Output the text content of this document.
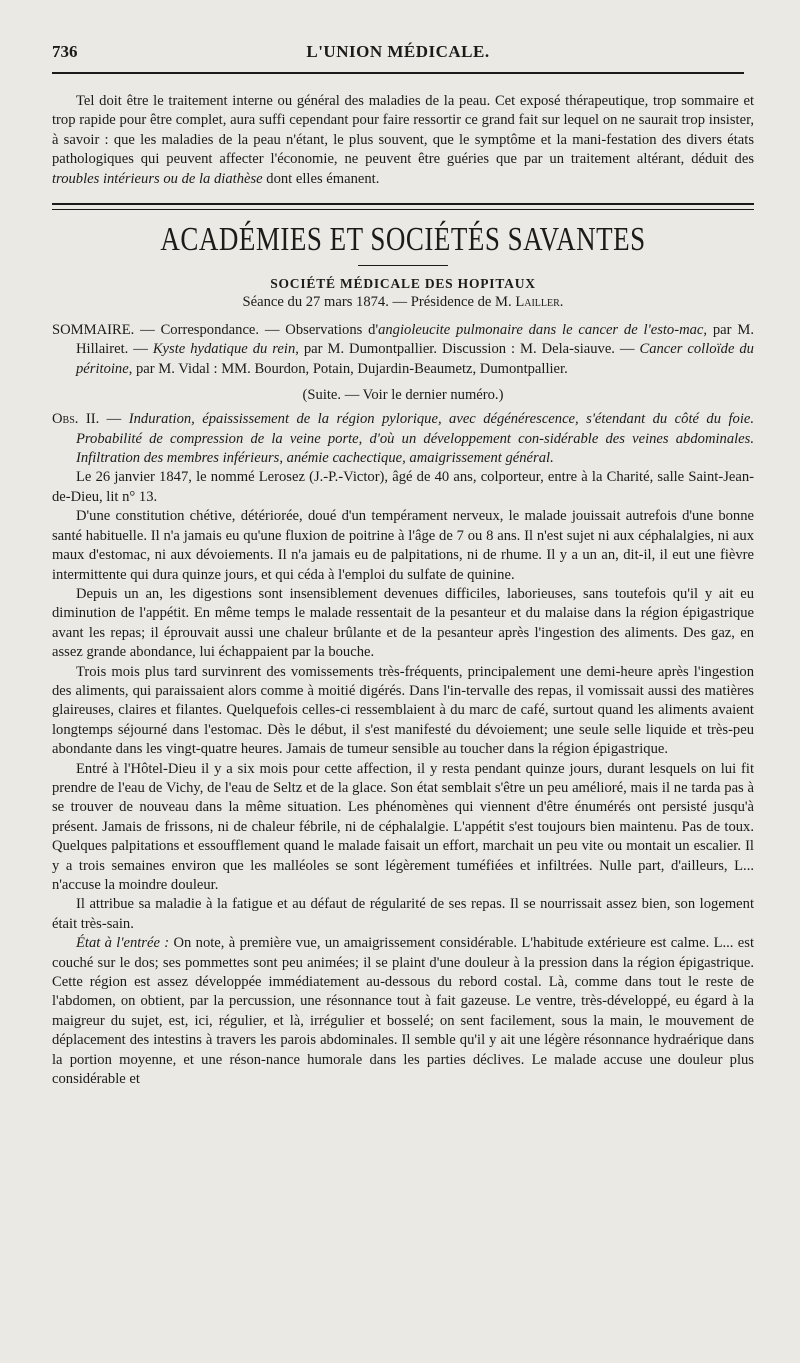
736	L'UNION MÉDICALE.

Tel doit être le traitement interne ou général des maladies de la peau. Cet exposé thérapeutique, trop sommaire et trop rapide pour être complet, aura suffi cependant pour faire ressortir ce grand fait sur lequel on ne saurait trop insister, à savoir : que les maladies de la peau n'étant, le plus souvent, que le symptôme et la mani-festation des divers états pathologiques qui peuvent affecter l'économie, ne peuvent être guéries que par un traitement altérant, déduit des troubles intérieurs ou de la diathèse dont elles émanent.

ACADÉMIES ET SOCIÉTÉS SAVANTES

SOCIÉTÉ MÉDICALE DES HOPITAUX

Séance du 27 mars 1874. — Présidence de M. Lailler.

SOMMAIRE. — Correspondance. — Observations d'angioleucite pulmonaire dans le cancer de l'esto-mac, par M. Hillairet. — Kyste hydatique du rein, par M. Dumontpallier. Discussion : M. Dela-siauve. — Cancer colloïde du péritoine, par M. Vidal : MM. Bourdon, Potain, Dujardin-Beaumetz, Dumontpallier.

(Suite. — Voir le dernier numéro.)

Obs. II. — Induration, épaississement de la région pylorique, avec dégénérescence, s'étendant du côté du foie. Probabilité de compression de la veine porte, d'où un développement con-sidérable des veines abdominales. Infiltration des membres inférieurs, anémie cachectique, amaigrissement général.

Le 26 janvier 1847, le nommé Lerosez (J.-P.-Victor), âgé de 40 ans, colporteur, entre à la Charité, salle Saint-Jean-de-Dieu, lit n° 13.

D'une constitution chétive, détériorée, doué d'un tempérament nerveux, le malade jouissait autrefois d'une bonne santé habituelle. Il n'a jamais eu qu'une fluxion de poitrine à l'âge de 7 ou 8 ans. Il n'est sujet ni aux céphalalgies, ni aux maux d'estomac, ni aux dévoiements. Il n'a jamais eu de palpitations, ni de rhume. Il y a un an, dit-il, il eut une fièvre intermittente qui dura quinze jours, et qui céda à l'emploi du sulfate de quinine.

Depuis un an, les digestions sont insensiblement devenues difficiles, laborieuses, sans toutefois qu'il y ait eu diminution de l'appétit. En même temps le malade ressentait de la pesanteur et du malaise dans la région épigastrique avant les repas; il éprouvait aussi une chaleur brûlante et de la pesanteur après l'ingestion des aliments. Des gaz, en assez grande abondance, lui échappaient par la bouche.

Trois mois plus tard survinrent des vomissements très-fréquents, principalement une demi-heure après l'ingestion des aliments, qui paraissaient alors comme à moitié digérés. Dans l'in-tervalle des repas, il vomissait aussi des matières glaireuses, claires et filantes. Quelquefois celles-ci ressemblaient à du marc de café, surtout quand les aliments avaient longtemps séjourné dans l'estomac. Dès le début, il s'est manifesté du dévoiement; une seule selle liquide et très-peu abondante dans les vingt-quatre heures. Jamais de tumeur sensible au toucher dans la région épigastrique.

Entré à l'Hôtel-Dieu il y a six mois pour cette affection, il y resta pendant quinze jours, durant lesquels on lui fit prendre de l'eau de Vichy, de l'eau de Seltz et de la glace. Son état semblait s'être un peu amélioré, mais il ne tarda pas à se trouver de nouveau dans la même situation. Les phénomènes qui viennent d'être énumérés ont persisté jusqu'à présent. Jamais de frissons, ni de chaleur fébrile, ni de céphalalgie. L'appétit s'est toujours bien maintenu. Pas de toux. Quelques palpitations et essoufflement quand le malade faisait un effort, marchait un peu vite ou montait un escalier. Il y a trois semaines environ que les malléoles se sont légèrement tuméfiées et infiltrées. Nulle part, d'ailleurs, L... n'accuse la moindre douleur.

Il attribue sa maladie à la fatigue et au défaut de régularité de ses repas. Il se nourrissait assez bien, son logement était très-sain.

État à l'entrée : On note, à première vue, un amaigrissement considérable. L'habitude extérieure est calme. L... est couché sur le dos; ses pommettes sont peu animées; il se plaint d'une douleur à la pression dans la région épigastrique. Cette région est assez développée immédiatement au-dessous du rebord costal. Là, comme dans tout le reste de l'abdomen, on obtient, par la percussion, une résonnance tout à fait gazeuse. Le ventre, très-développé, eu égard à la maigreur du sujet, est, ici, régulier, et là, irrégulier et bosselé; on sent facilement, sous la main, le mouvement de déplacement des intestins à travers les parois abdominales. Il semble qu'il y ait une légère résonnance hydraérique dans la portion moyenne, et une réson-nance humorale dans les parties déclives. Le malade accuse une douleur plus considérable et
